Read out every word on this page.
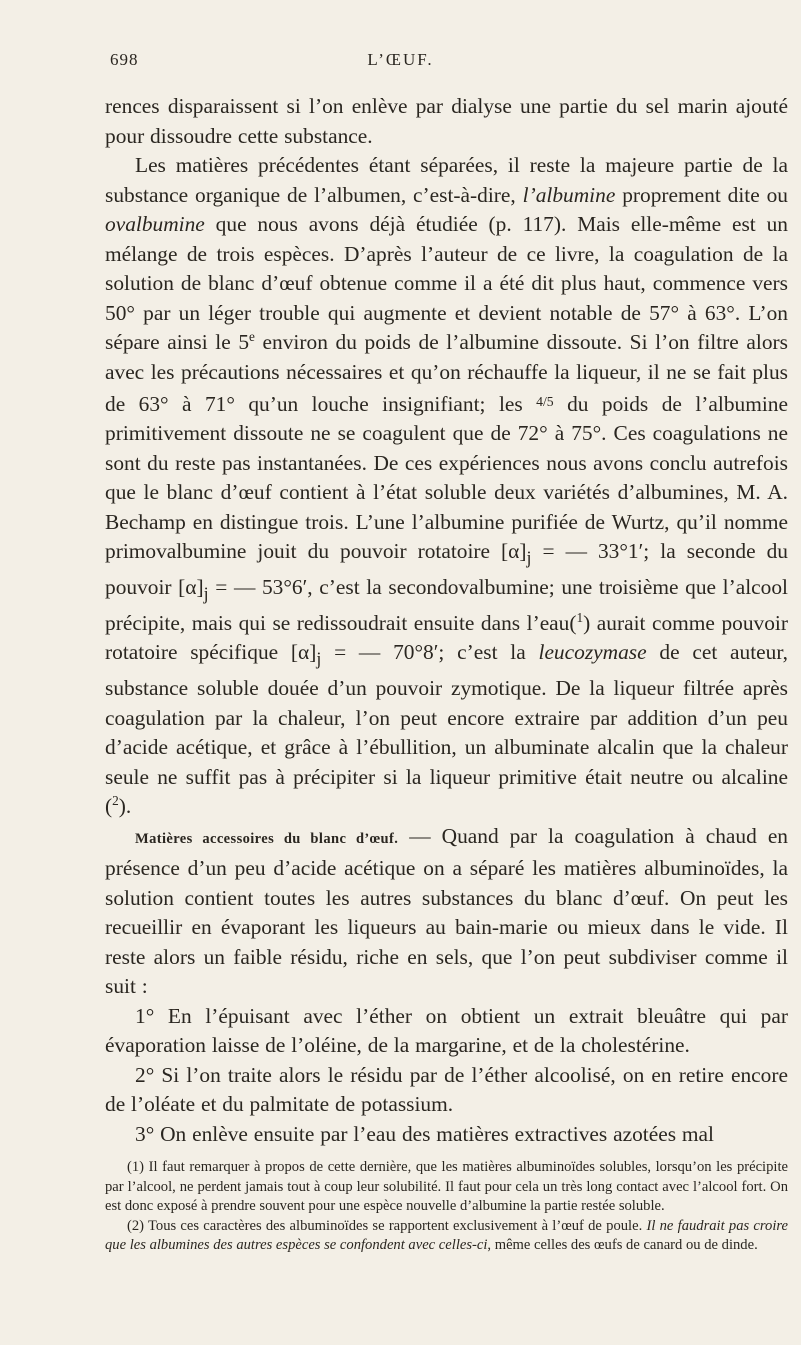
698	L’ŒUF.

rences disparaissent si l’on enlève par dialyse une partie du sel marin ajouté pour dissoudre cette substance.

Les matières précédentes étant séparées, il reste la majeure partie de la substance organique de l’albumen, c’est-à-dire, l’albumine proprement dite ou ovalbumine que nous avons déjà étudiée (p. 117). Mais elle-même est un mélange de trois espèces. D’après l’auteur de ce livre, la coagulation de la solution de blanc d’œuf obtenue comme il a été dit plus haut, commence vers 50° par un léger trouble qui augmente et devient notable de 57° à 63°. L’on sépare ainsi le 5e environ du poids de l’albumine dissoute. Si l’on filtre alors avec les précautions nécessaires et qu’on réchauffe la liqueur, il ne se fait plus de 63° à 71° qu’un louche insignifiant; les $^{4/5}$ du poids de l’albumine primitivement dissoute ne se coagulent que de 72° à 75°. Ces coagulations ne sont du reste pas instantanées. De ces expériences nous avons conclu autrefois que le blanc d’œuf contient à l’état soluble deux variétés d’albumines, M. A. Bechamp en distingue trois. L’une l’albumine purifiée de Wurtz, qu’il nomme primovalbumine jouit du pouvoir rotatoire $[\alpha]_j$ = — 33°1′; la seconde du pouvoir $[\alpha]_j$ = — 53°6′, c’est la secondovalbumine; une troisième que l’alcool précipite, mais qui se redissoudrait ensuite dans l’eau($^1$) aurait comme pouvoir rotatoire spécifique $[\alpha]_j$ = — 70°8′; c’est la leucozymase de cet auteur, substance soluble douée d’un pouvoir zymotique. De la liqueur filtrée après coagulation par la chaleur, l’on peut encore extraire par addition d’un peu d’acide acétique, et grâce à l’ébullition, un albuminate alcalin que la chaleur seule ne suffit pas à précipiter si la liqueur primitive était neutre ou alcaline ($^2$).

Matières accessoires du blanc d’œuf. — Quand par la coagulation à chaud en présence d’un peu d’acide acétique on a séparé les matières albuminoïdes, la solution contient toutes les autres substances du blanc d’œuf. On peut les recueillir en évaporant les liqueurs au bain-marie ou mieux dans le vide. Il reste alors un faible résidu, riche en sels, que l’on peut subdiviser comme il suit :

1° En l’épuisant avec l’éther on obtient un extrait bleuâtre qui par évaporation laisse de l’oléine, de la margarine, et de la cholestérine.

2° Si l’on traite alors le résidu par de l’éther alcoolisé, on en retire encore de l’oléate et du palmitate de potassium.

3° On enlève ensuite par l’eau des matières extractives azotées mal

(1) Il faut remarquer à propos de cette dernière, que les matières albuminoïdes solubles, lorsqu’on les précipite par l’alcool, ne perdent jamais tout à coup leur solubilité. Il faut pour cela un très long contact avec l’alcool fort. On est donc exposé à prendre souvent pour une espèce nouvelle d’albumine la partie restée soluble.

(2) Tous ces caractères des albuminoïdes se rapportent exclusivement à l’œuf de poule. Il ne faudrait pas croire que les albumines des autres espèces se confondent avec celles-ci, même celles des œufs de canard ou de dinde.
